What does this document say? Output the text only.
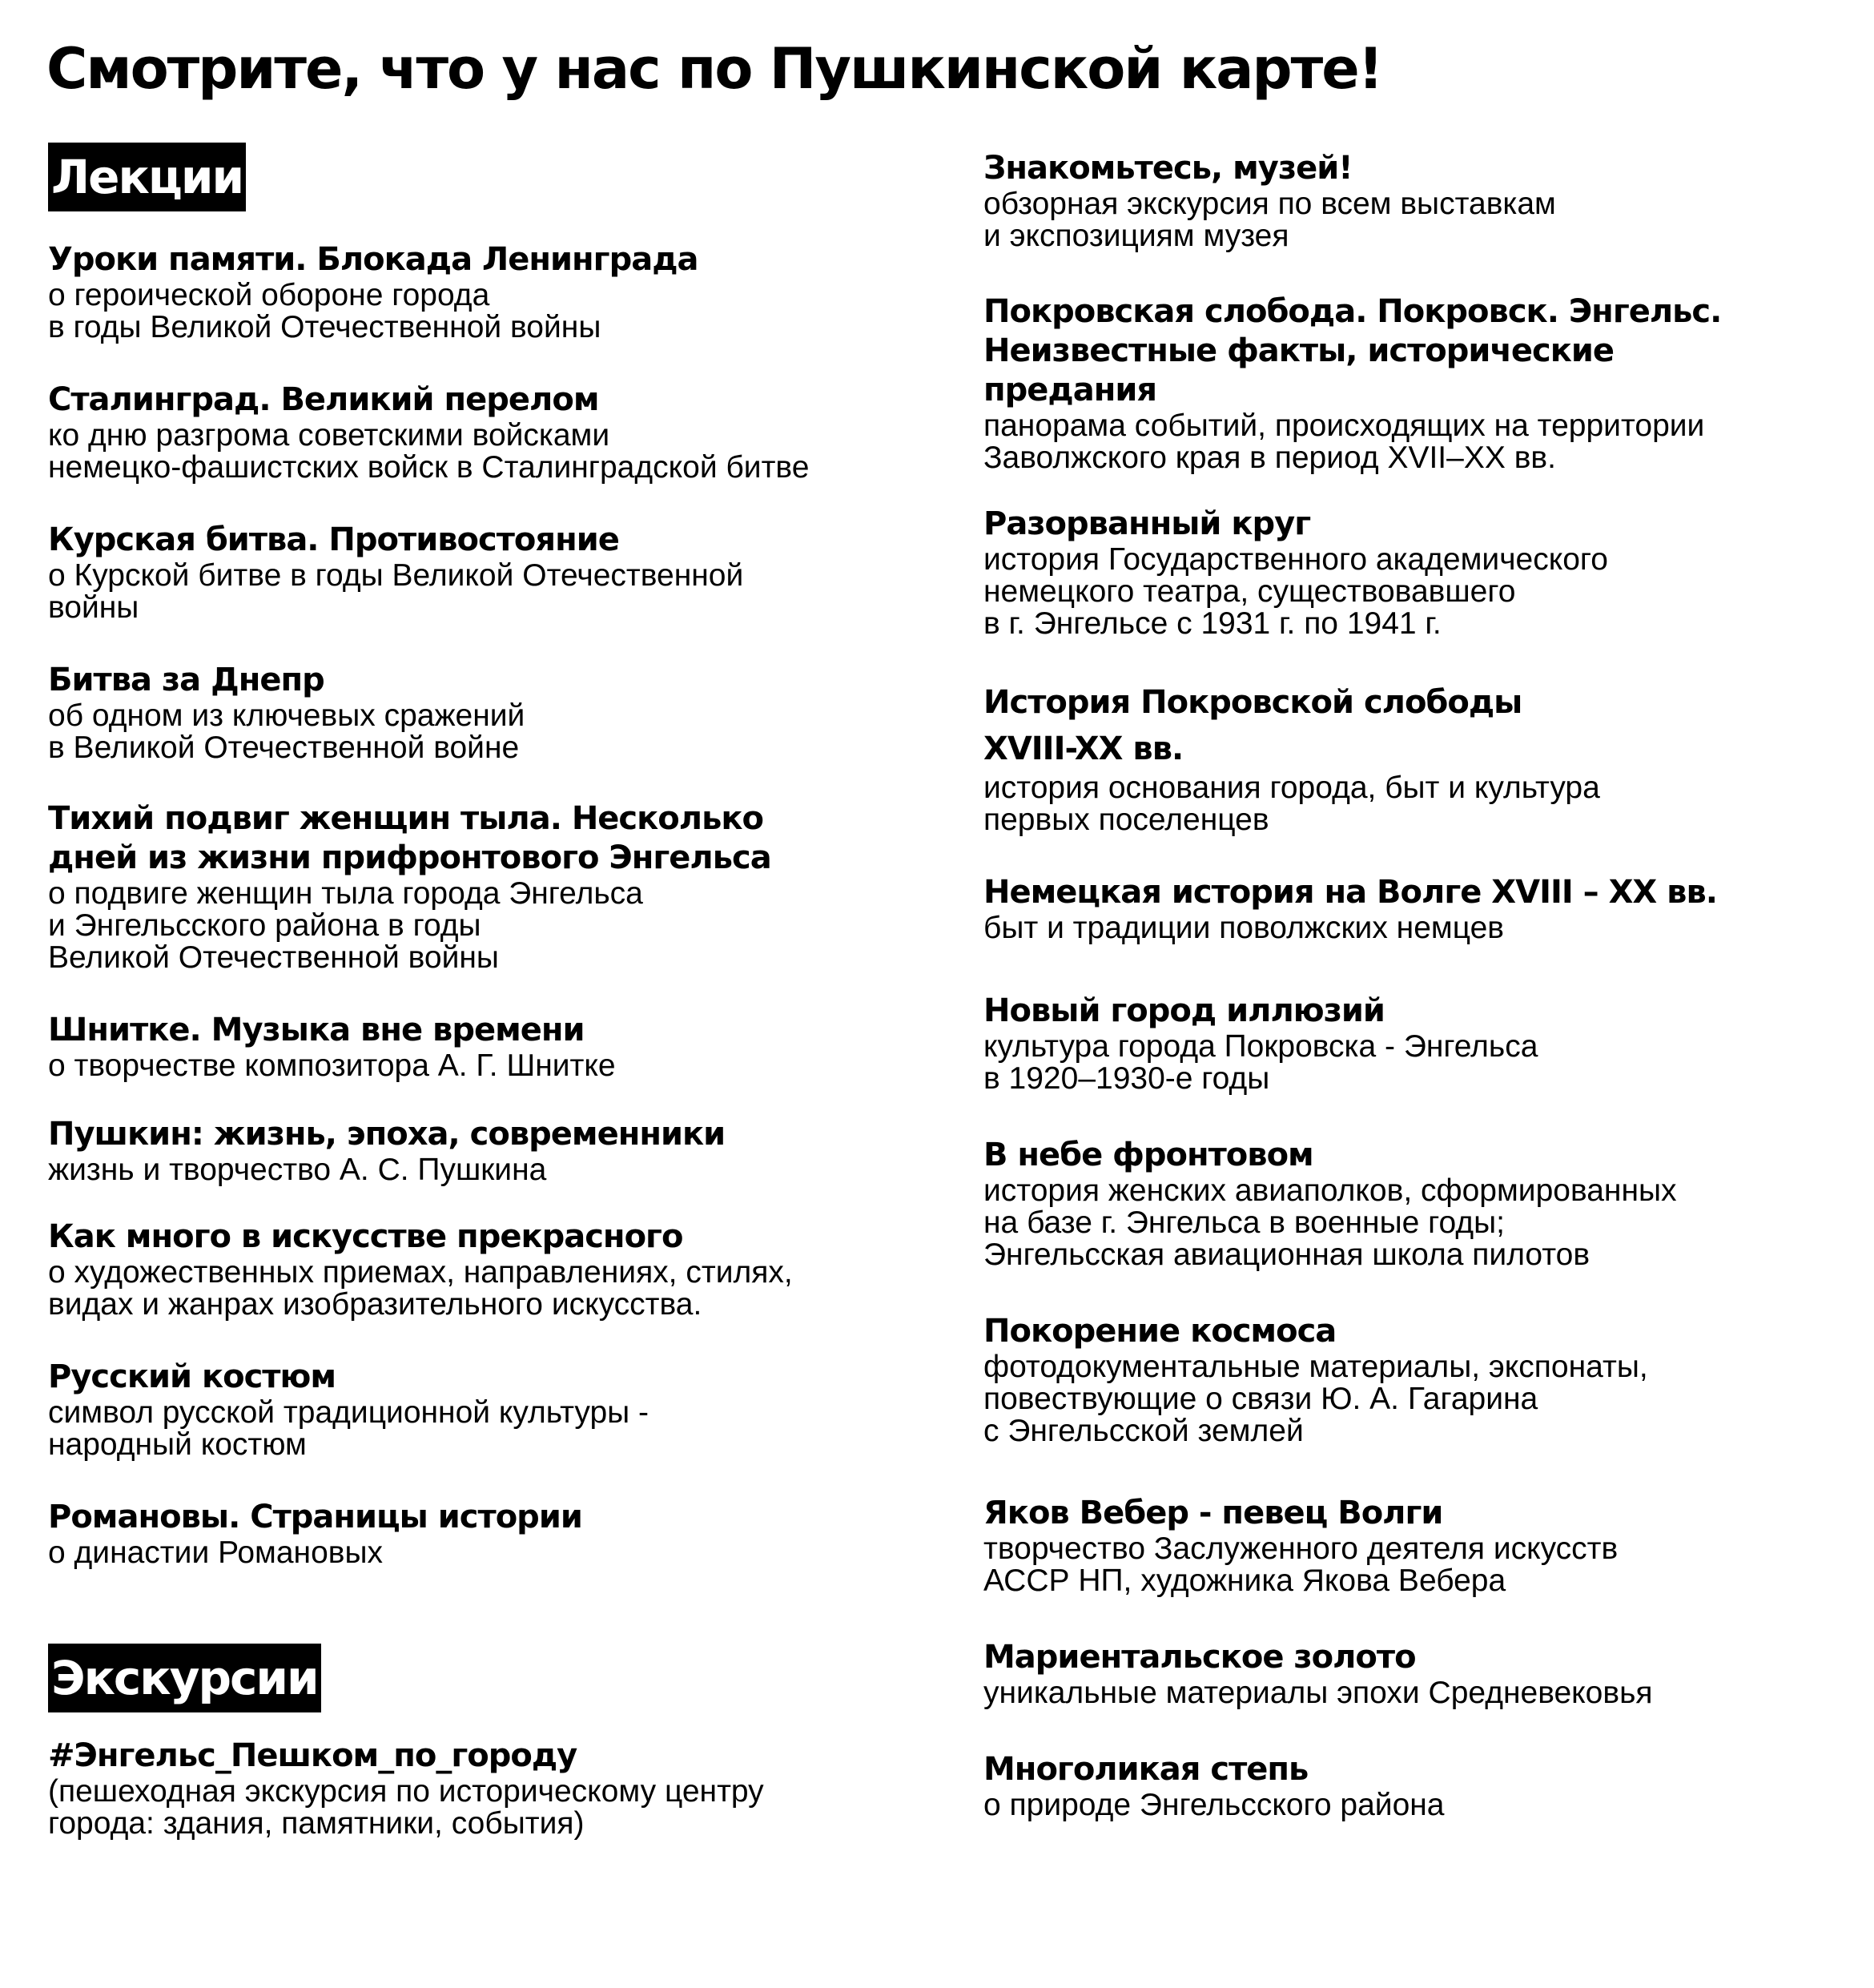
Смотрите, что у нас по Пушкинской карте!
Лекции
Уроки памяти. Блокада Ленинграда
о героической обороне города
в годы Великой Отечественной войны
Сталинград. Великий перелом
ко дню разгрома советскими войсками
немецко-фашистских войск в Сталинградской битве
Курская битва. Противостояние
о Курской битве в годы Великой Отечественной
войны
Битва за Днепр
об одном из ключевых сражений
в Великой Отечественной войне
Тихий подвиг женщин тыла. Несколько
дней из жизни прифронтового Энгельса
о подвиге женщин тыла города Энгельса
и Энгельсского района в годы
Великой Отечественной войны
Шнитке. Музыка вне времени
о творчестве композитора А. Г. Шнитке
Пушкин: жизнь, эпоха, современники
жизнь и творчество А. С. Пушкина
Как много в искусстве прекрасного
о художественных приемах, направлениях, стилях,
видах и жанрах изобразительного искусства.
Русский костюм
символ русской традиционной культуры -
народный костюм
Романовы. Страницы истории
о династии Романовых
Экскурсии
#Энгельс_Пешком_по_городу
(пешеходная экскурсия по историческому центру
города: здания, памятники, события)
Знакомьтесь, музей!
обзорная экскурсия по всем выставкам
и экспозициям музея
Покровская слобода. Покровск. Энгельс.
Неизвестные факты, исторические
предания
панорама событий, происходящих на территории
Заволжского края в период XVII–XX вв.
Разорванный круг
история Государственного академического
немецкого театра, существовавшего
в г. Энгельсе с 1931 г. по 1941 г.
История Покровской слободы
XVIII-XX вв.
история основания города, быт и культура
первых поселенцев
Немецкая история на Волге XVIII – XX вв.
быт и традиции поволжских немцев
Новый город иллюзий
культура города Покровска - Энгельса
в 1920–1930-е годы
В небе фронтовом
история женских авиаполков, сформированных
на базе г. Энгельса в военные годы;
Энгельсская авиационная школа пилотов
Покорение космоса
фотодокументальные материалы, экспонаты,
повествующие о связи Ю. А. Гагарина
с Энгельсской землей
Яков Вебер - певец Волги
творчество Заслуженного деятеля искусств
АССР НП, художника Якова Вебера
Мариентальское золото
уникальные материалы эпохи Средневековья
Многоликая степь
о природе Энгельсского района
